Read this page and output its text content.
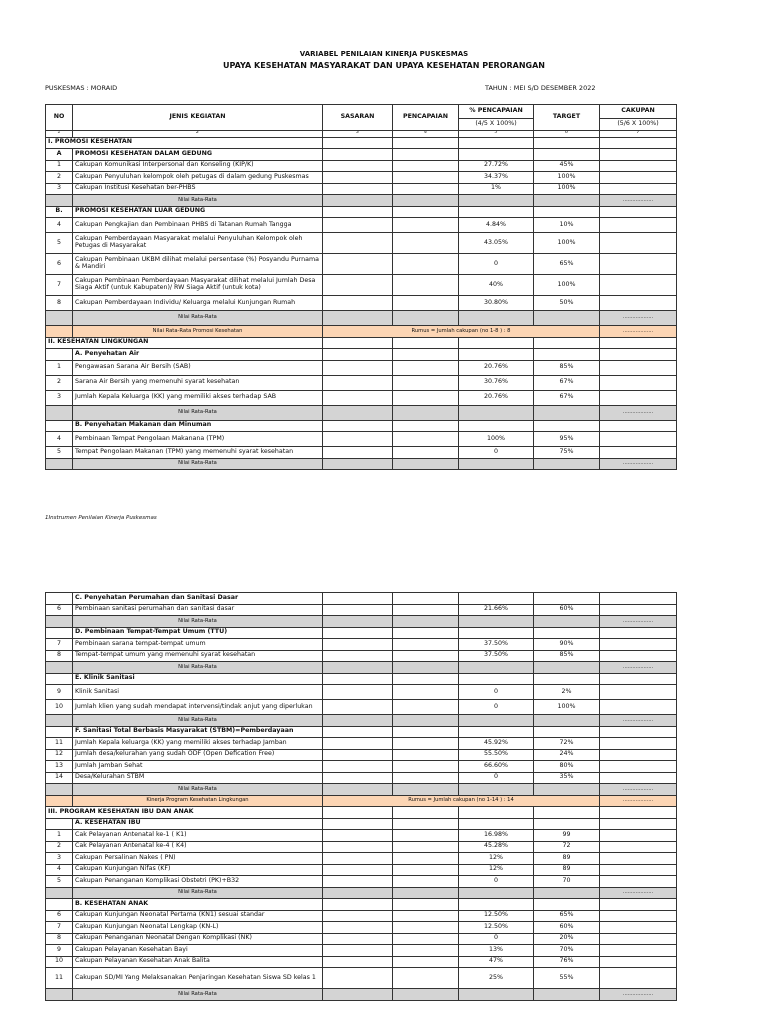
VARIABEL PENILAIAN KINERJA PUSKESMAS
UPAYA KESEHATAN MASYARAKAT DAN UPAYA KESEHATAN PERORANGAN
PUSKESMAS : MORAID	TAHUN : MEI S/D DESEMBER 2022
NO	JENIS KEGIATAN	SASARAN	PENCAPAIAN	% PENCAPAIAN	TARGET	CAKUPAN
				(4/5 X 100%)		(5/6 X 100%)
1	2	3	4	5	6	7
I. PROMOSI KESEHATAN						
A	PROMOSI KESEHATAN DALAM GEDUNG					
1	Cakupan Komunikasi Interpersonal dan Konseling (KIP/K)			27.72%	45%	
2	Cakupan Penyuluhan kelompok oleh petugas di dalam gedung Puskesmas			34.37%	100%	
3	Cakupan Institusi Kesehatan ber-PHBS			1%	100%	
	Nilai Rata-Rata					...................
B.	PROMOSI KESEHATAN LUAR GEDUNG					
4	Cakupan Pengkajian dan Pembinaan PHBS di Tatanan Rumah Tangga			4.84%	10%	
5	Cakupan Pemberdayaan Masyarakat melalui Penyuluhan Kelompok oleh Petugas di Masyarakat			43.05%	100%	
6	Cakupan Pembinaan UKBM dilihat melalui persentase (%) Posyandu Purnama & Mandiri			0	65%	
7	Cakupan Pembinaan Pemberdayaan Masyarakat dilihat melalui Jumlah Desa Siaga Aktif (untuk Kabupaten)/ RW Siaga Aktif (untuk kota)			40%	100%	
8	Cakupan Pemberdayaan Individu/ Keluarga melalui Kunjungan Rumah			30.80%	50%	
	Nilai Rata-Rata					...................
	Nilai Rata-Rata Promosi Kesehatan	Rumus = Jumlah cakupan (no 1-8 ) : 8				...................
II. KESEHATAN LINGKUNGAN						
	A. Penyehatan Air					
1	Pengawasan Sarana Air Bersih (SAB)			20.76%	85%	
2	Sarana Air Bersih yang memenuhi syarat kesehatan			30.76%	67%	
3	Jumlah Kepala Keluarga (KK) yang memiliki akses terhadap SAB			20.76%	67%	
	Nilai Rata-Rata					...................
	B. Penyehatan Makanan dan Minuman					
4	Pembinaan Tempat Pengolaan Makanana (TPM)			100%	95%	
5	Tempat Pengolaan Makanan (TPM) yang memenuhi syarat kesehatan			0	75%	
	Nilai Rata-Rata					...................
1Instrumen Penilaian Kinerja Puskesmas
	C. Penyehatan Perumahan dan Sanitasi Dasar					
6	Pembinaan sanitasi perumahan dan sanitasi dasar			21.66%	60%	
	Nilai Rata-Rata					...................
	D. Pembinaan Tempat-Tempat Umum (TTU)					
7	Pembinaan sarana tempat-tempat umum			37.50%	90%	
8	Tempat-tempat umum yang memenuhi syarat kesehatan			37.50%	85%	
	Nilai Rata-Rata					...................
	E. Klinik Sanitasi					
9	Klinik Sanitasi			0	2%	
10	Jumlah klien yang sudah mendapat intervensi/tindak anjut yang diperlukan			0	100%	
	Nilai Rata-Rata					...................
	F. Sanitasi Total Berbasis Masyarakat (STBM)=Pemberdayaan					
11	Jumlah Kepala keluarga (KK) yang memiliki akses terhadap Jamban			45.92%	72%	
12	Jumlah desa/kelurahan yang sudah ODF (Open Defication Free)			55.50%	24%	
13	Jumlah Jamban Sehat			66.60%	80%	
14	Desa/Kelurahan STBM			0	35%	
	Nilai Rata-Rata					...................
	Kinerja Program Kesehatan Lingkungan	Rumus = Jumlah cakupan (no 1-14 ) : 14				...................
III. PROGRAM KESEHATAN IBU DAN ANAK						
	A. KESEHATAN IBU					
1	Cak Pelayanan Antenatal ke-1 ( K1)			16.98%	99	
2	Cak Pelayanan Antenatal ke-4 ( K4)			45.28%	72	
3	Cakupan Persalinan Nakes ( PN)			12%	89	
4	Cakupan Kunjungan Nifas (KF)			12%	89	
5	Cakupan Penanganan Komplikasi Obstetri (PK)+B32			0	70	
	Nilai Rata-Rata					...................
	B. KESEHATAN ANAK					
6	Cakupan Kunjungan Neonatal Pertama (KN1) sesuai standar			12.50%	65%	
7	Cakupan Kunjungan Neonatal Lengkap (KN-L)			12.50%	60%	
8	Cakupan Penanganan Neonatal Dengan Komplikasi (NK)			0	20%	
9	Cakupan Pelayanan Kesehatan Bayi			13%	70%	
10	Cakupan Pelayanan Kesehatan Anak Balita			47%	76%	
11	Cakupan SD/MI Yang Melaksanakan Penjaringan Kesehatan Siswa SD kelas 1			25%	55%	
	Nilai Rata-Rata					...................
